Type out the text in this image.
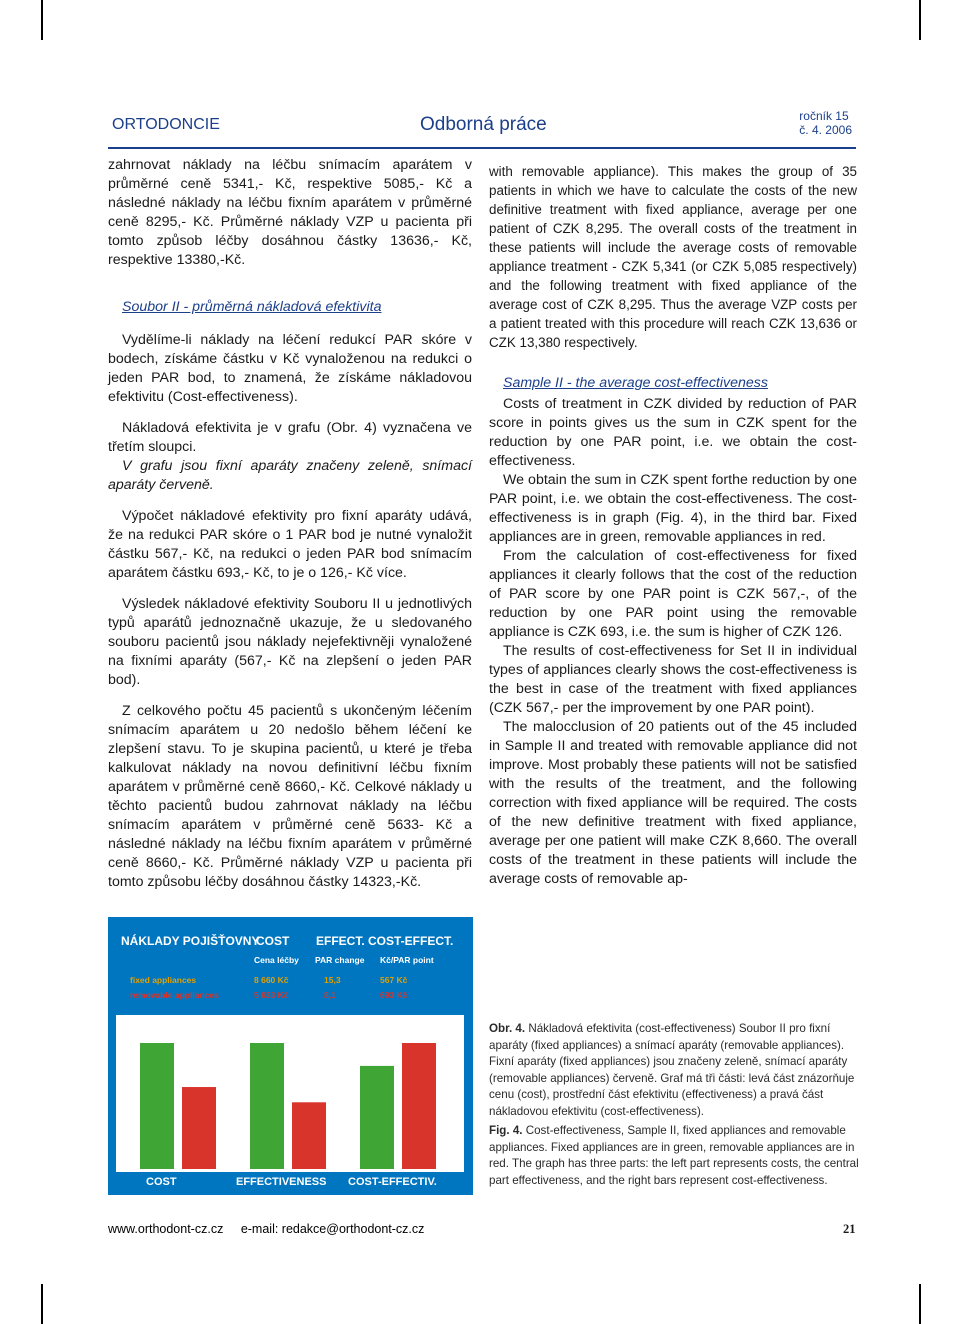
ORTODONCIE	Odborná práce	ročník 15
č. 4. 2006

zahrnovat náklady na léčbu snímacím aparátem v průměrné ceně 5341,- Kč, respektive 5085,- Kč a následné náklady na léčbu fixním aparátem v průměrné ceně 8295,- Kč. Průměrné náklady VZP u pacienta při tomto způsob léčby dosáhnou částky 13636,- Kč, respektive 13380,-Kč.

Soubor II - průměrná nákladová efektivita

Vydělíme-li náklady na léčení redukcí PAR skóre v bodech, získáme částku v Kč vynaloženou na redukci o jeden PAR bod, to znamená, že získáme nákladovou efektivitu (Cost-effectiveness).

Nákladová efektivita je v grafu (Obr. 4) vyznačena ve třetím sloupci.

V grafu jsou fixní aparáty značeny zeleně, snímací aparáty červeně.

Výpočet nákladové efektivity pro fixní aparáty udává, že na redukci PAR skóre o 1 PAR bod je nutné vynaložit částku 567,- Kč, na redukci o jeden PAR bod snímacím aparátem částku 693,- Kč, to je o 126,- Kč více.

Výsledek nákladové efektivity Souboru II u jednotlivých typů aparátů jednoznačně ukazuje, že u sledovaného souboru pacientů jsou náklady nejefektivněji vynaložené na fixními aparáty (567,- Kč na zlepšení o jeden PAR bod).

Z celkového počtu 45 pacientů s ukončeným léčením snímacím aparátem u 20 nedošlo během léčení ke zlepšení stavu. To je skupina pacientů, u které je třeba kalkulovat náklady na novou definitivní léčbu fixním aparátem v průměrné ceně 8660,- Kč. Celkové náklady u těchto pacientů budou zahrnovat náklady na léčbu snímacím aparátem v průměrné ceně 5633- Kč a následné náklady na léčbu fixním aparátem v průměrné ceně 8660,- Kč. Průměrné náklady VZP u pacienta při tomto způsobu léčby dosáhnou částky 14323,-Kč.

with removable appliance). This makes the group of 35 patients in which we have to calculate the costs of the new definitive treatment with fixed appliance, average per one patient of CZK 8,295. The overall costs of the treatment in these patients will include the average costs of removable appliance treatment - CZK 5,341 (or CZK 5,085 respectively) and the following treatment with fixed appliance of the average cost of CZK 8,295. Thus the average VZP costs per a patient treated with this procedure will reach CZK 13,636 or CZK 13,380 respectively.

Sample II - the average cost-effectiveness

Costs of treatment in CZK divided by reduction of PAR score in points gives us the sum in CZK spent for the reduction by one PAR point, i.e. we obtain the cost-effectiveness.

We obtain the sum in CZK spent forthe reduction by one PAR point, i.e. we obtain the cost-effectiveness. The cost-effectiveness is in graph (Fig. 4), in the third bar. Fixed appliances are in green, removable appliances in red.

From the calculation of cost-effectiveness for fixed appliances it clearly follows that the cost of the reduction of PAR score by one PAR point is CZK 567,-, of the reduction by one PAR point using the removable appliance is CZK 693, i.e. the sum is higher of CZK 126.

The results of cost-effectiveness for Set II in individual types of appliances clearly shows the cost-effectiveness is the best in case of the treatment with fixed appliances (CZK 567,- per the improvement by one PAR point).

The malocclusion of 20 patients out of the 45 included in Sample II and treated with removable appliance did not improve. Most probably these patients will not be satisfied with the results of the treatment, and the following correction with fixed appliance will be required. The costs of the new definitive treatment with fixed appliance, average per one patient will make CZK 8,660. The overall costs of the treatment in these patients will include the average costs of removable ap-

NÁKLADY POJIŠŤOVNY
COST EFFECT. COST-EFFECT.
Cena léčby PAR change Kč/PAR point
fixed appliances	8 660 Kč	15,3	567 Kč
removable appliances	5 633 Kč	8,1	693 Kč
COST	EFFECTIVENESS COST-EFFECTIV.

Obr. 4. Nákladová efektivita (cost-effectiveness) Soubor II pro fixní aparáty (fixed appliances) a snímací aparáty (removable appliances). Fixní aparáty (fixed appliances) jsou značeny zeleně, snímací aparáty (removable appliances) červeně. Graf má tři části: levá část znázorňuje cenu (cost), prostřední část efektivitu (effectiveness) a pravá část nákladovou efektivitu (cost-effectiveness).

Fig. 4. Cost-effectiveness, Sample II, fixed appliances and removable appliances. Fixed appliances are in green, removable appliances are in red. The graph has three parts: the left part represents costs, the central part effectiveness, and the right bars represent cost-effectiveness.

www.orthodont-cz.cz e-mail: redakce@orthodont-cz.cz	21
